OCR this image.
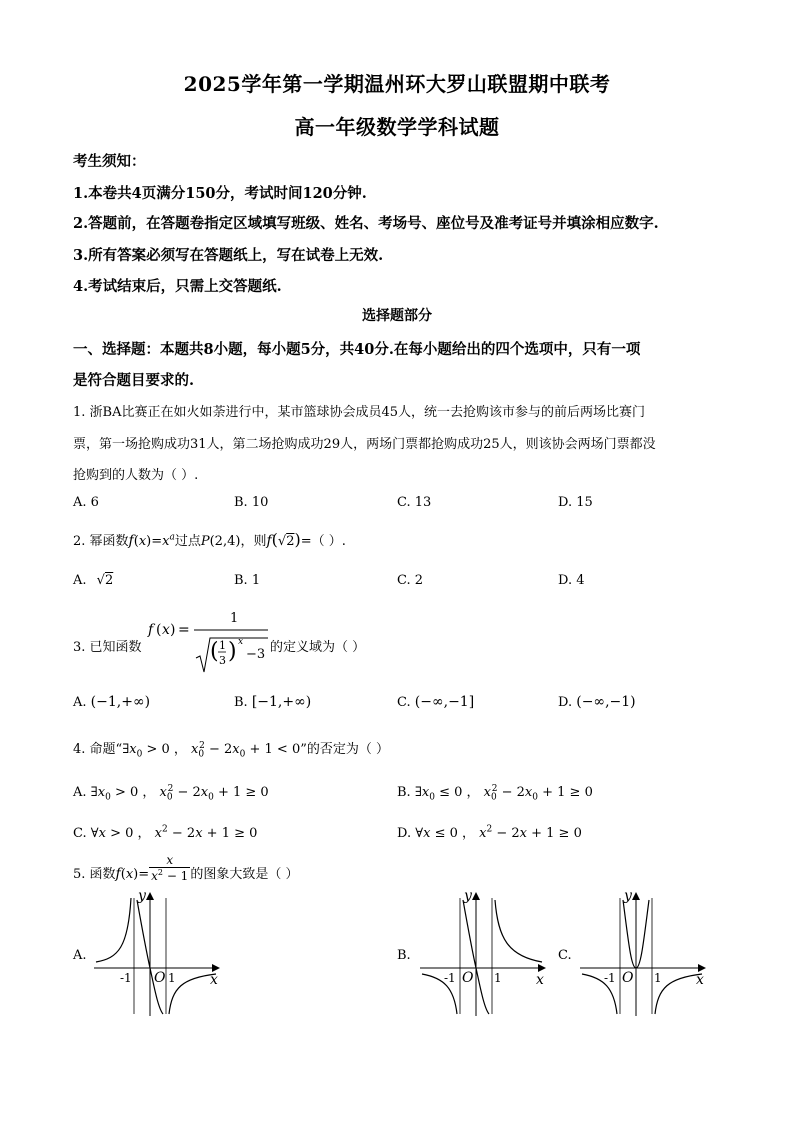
2025学年第一学期温州环大罗山联盟期中联考
高一年级数学学科试题
考生须知：
1.本卷共4页满分150分，考试时间120分钟.
2.答题前，在答题卷指定区域填写班级、姓名、考场号、座位号及准考证号并填涂相应数字.
3.所有答案必须写在答题纸上，写在试卷上无效.
4.考试结束后，只需上交答题纸.
选择题部分
一、选择题：本题共8小题，每小题5分，共40分.在每小题给出的四个选项中，只有一项
是符合题目要求的.
1. 浙BA比赛正在如火如荼进行中，某市篮球协会成员45人，统一去抢购该市参与的前后两场比赛门
票，第一场抢购成功31人，第二场抢购成功29人，两场门票都抢购成功25人，则该协会两场门票都没
抢购到的人数为（ ）.
A. 6	B. 10	C. 13	D. 15
2. 幂函数$f(x)=x^a$过点P(2,4)，则f(√2)=（ ）.
A. √2	B. 1	C. 2	D. 4
3. 已知函数
f ( x ) =
1
( 1
3 ) x
−3 的定义域为（ ）
A. (−1,+∞)	B. [−1,+∞)	C. (−∞,−1]	D. (−∞,−1)
4. 命题“$\exists x_0 > 0$ ， $x_0^2 - 2x_0 + 1 < 0$”的否定为（ ）
A. $\exists x_0 > 0$ ， $x_0^2 - 2x_0 + 1 \ge 0$	B. $\exists x_0 \le 0$ ， $x_0^2 - 2x_0 + 1 \ge 0$
C. ∀x > 0 ， $x^2 - 2x + 1 \ge 0$	D. ∀x ≤ 0 ， $x^2 - 2x + 1 \ge 0$
5. 函数$f(x)= \frac{x}{x^2 - 1}$ 的图象大致是（ ）
A.	B.	C.
y
x
O
-1	1
y
x
O
-1	1
y
x
O
-1	1
